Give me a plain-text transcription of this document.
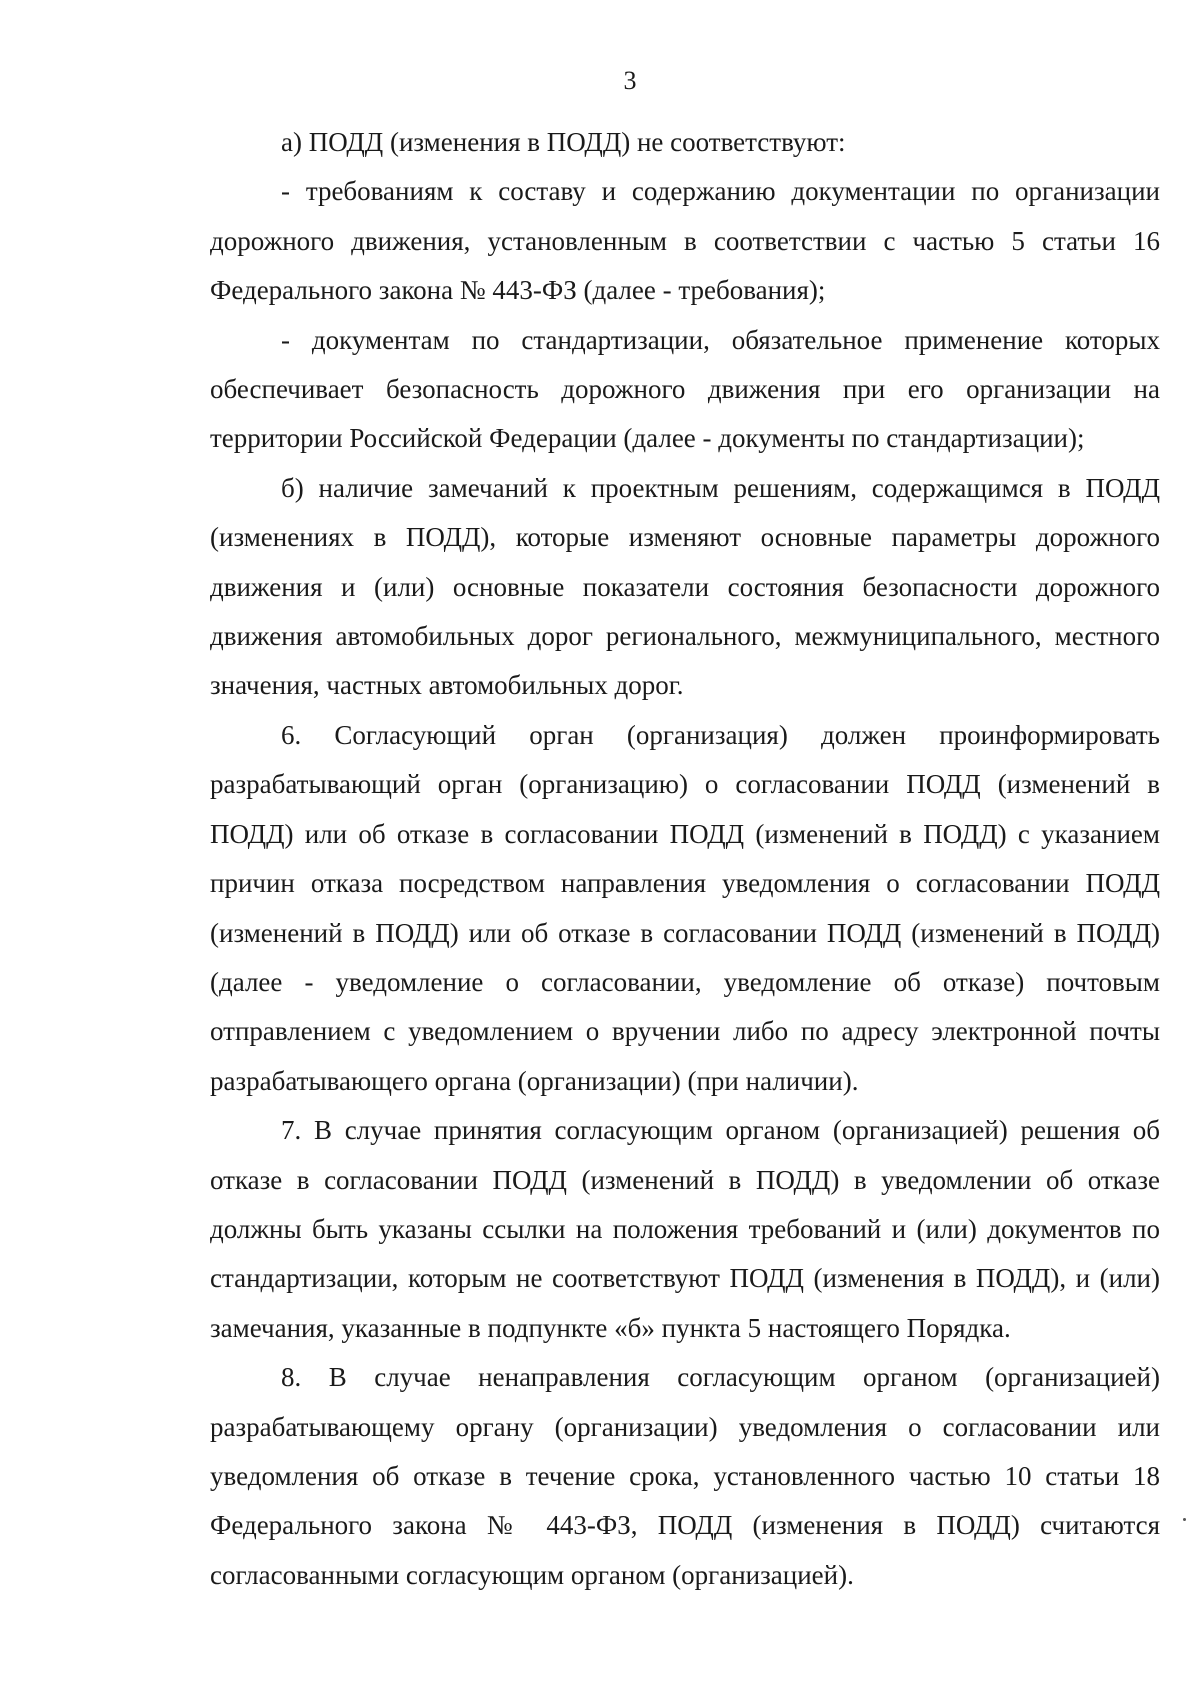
3

а) ПОДД (изменения в ПОДД) не соответствуют:

- требованиям к составу и содержанию документации по организации дорожного движения, установленным в соответствии с частью 5 статьи 16 Федерального закона № 443-ФЗ (далее - требования);

- документам по стандартизации, обязательное применение которых обеспечивает безопасность дорожного движения при его организации на территории Российской Федерации (далее - документы по стандартизации);

б) наличие замечаний к проектным решениям, содержащимся в ПОДД (изменениях в ПОДД), которые изменяют основные параметры дорожного движения и (или) основные показатели состояния безопасности дорожного движения автомобильных дорог регионального, межмуниципального, местного значения, частных автомобильных дорог.

6. Согласующий орган (организация) должен проинформировать разрабатывающий орган (организацию) о согласовании ПОДД (изменений в ПОДД) или об отказе в согласовании ПОДД (изменений в ПОДД) с указанием причин отказа посредством направления уведомления о согласовании ПОДД (изменений в ПОДД) или об отказе в согласовании ПОДД (изменений в ПОДД) (далее - уведомление о согласовании, уведомление об отказе) почтовым отправлением с уведомлением о вручении либо по адресу электронной почты разрабатывающего органа (организации) (при наличии).

7. В случае принятия согласующим органом (организацией) решения об отказе в согласовании ПОДД (изменений в ПОДД) в уведомлении об отказе должны быть указаны ссылки на положения требований и (или) документов по стандартизации, которым не соответствуют ПОДД (изменения в ПОДД), и (или) замечания, указанные в подпункте «б» пункта 5 настоящего Порядка.

8. В случае ненаправления согласующим органом (организацией) разрабатывающему органу (организации) уведомления о согласовании или уведомления об отказе в течение срока, установленного частью 10 статьи 18 Федерального закона № 443-ФЗ, ПОДД (изменения в ПОДД) считаются согласованными согласующим органом (организацией).
